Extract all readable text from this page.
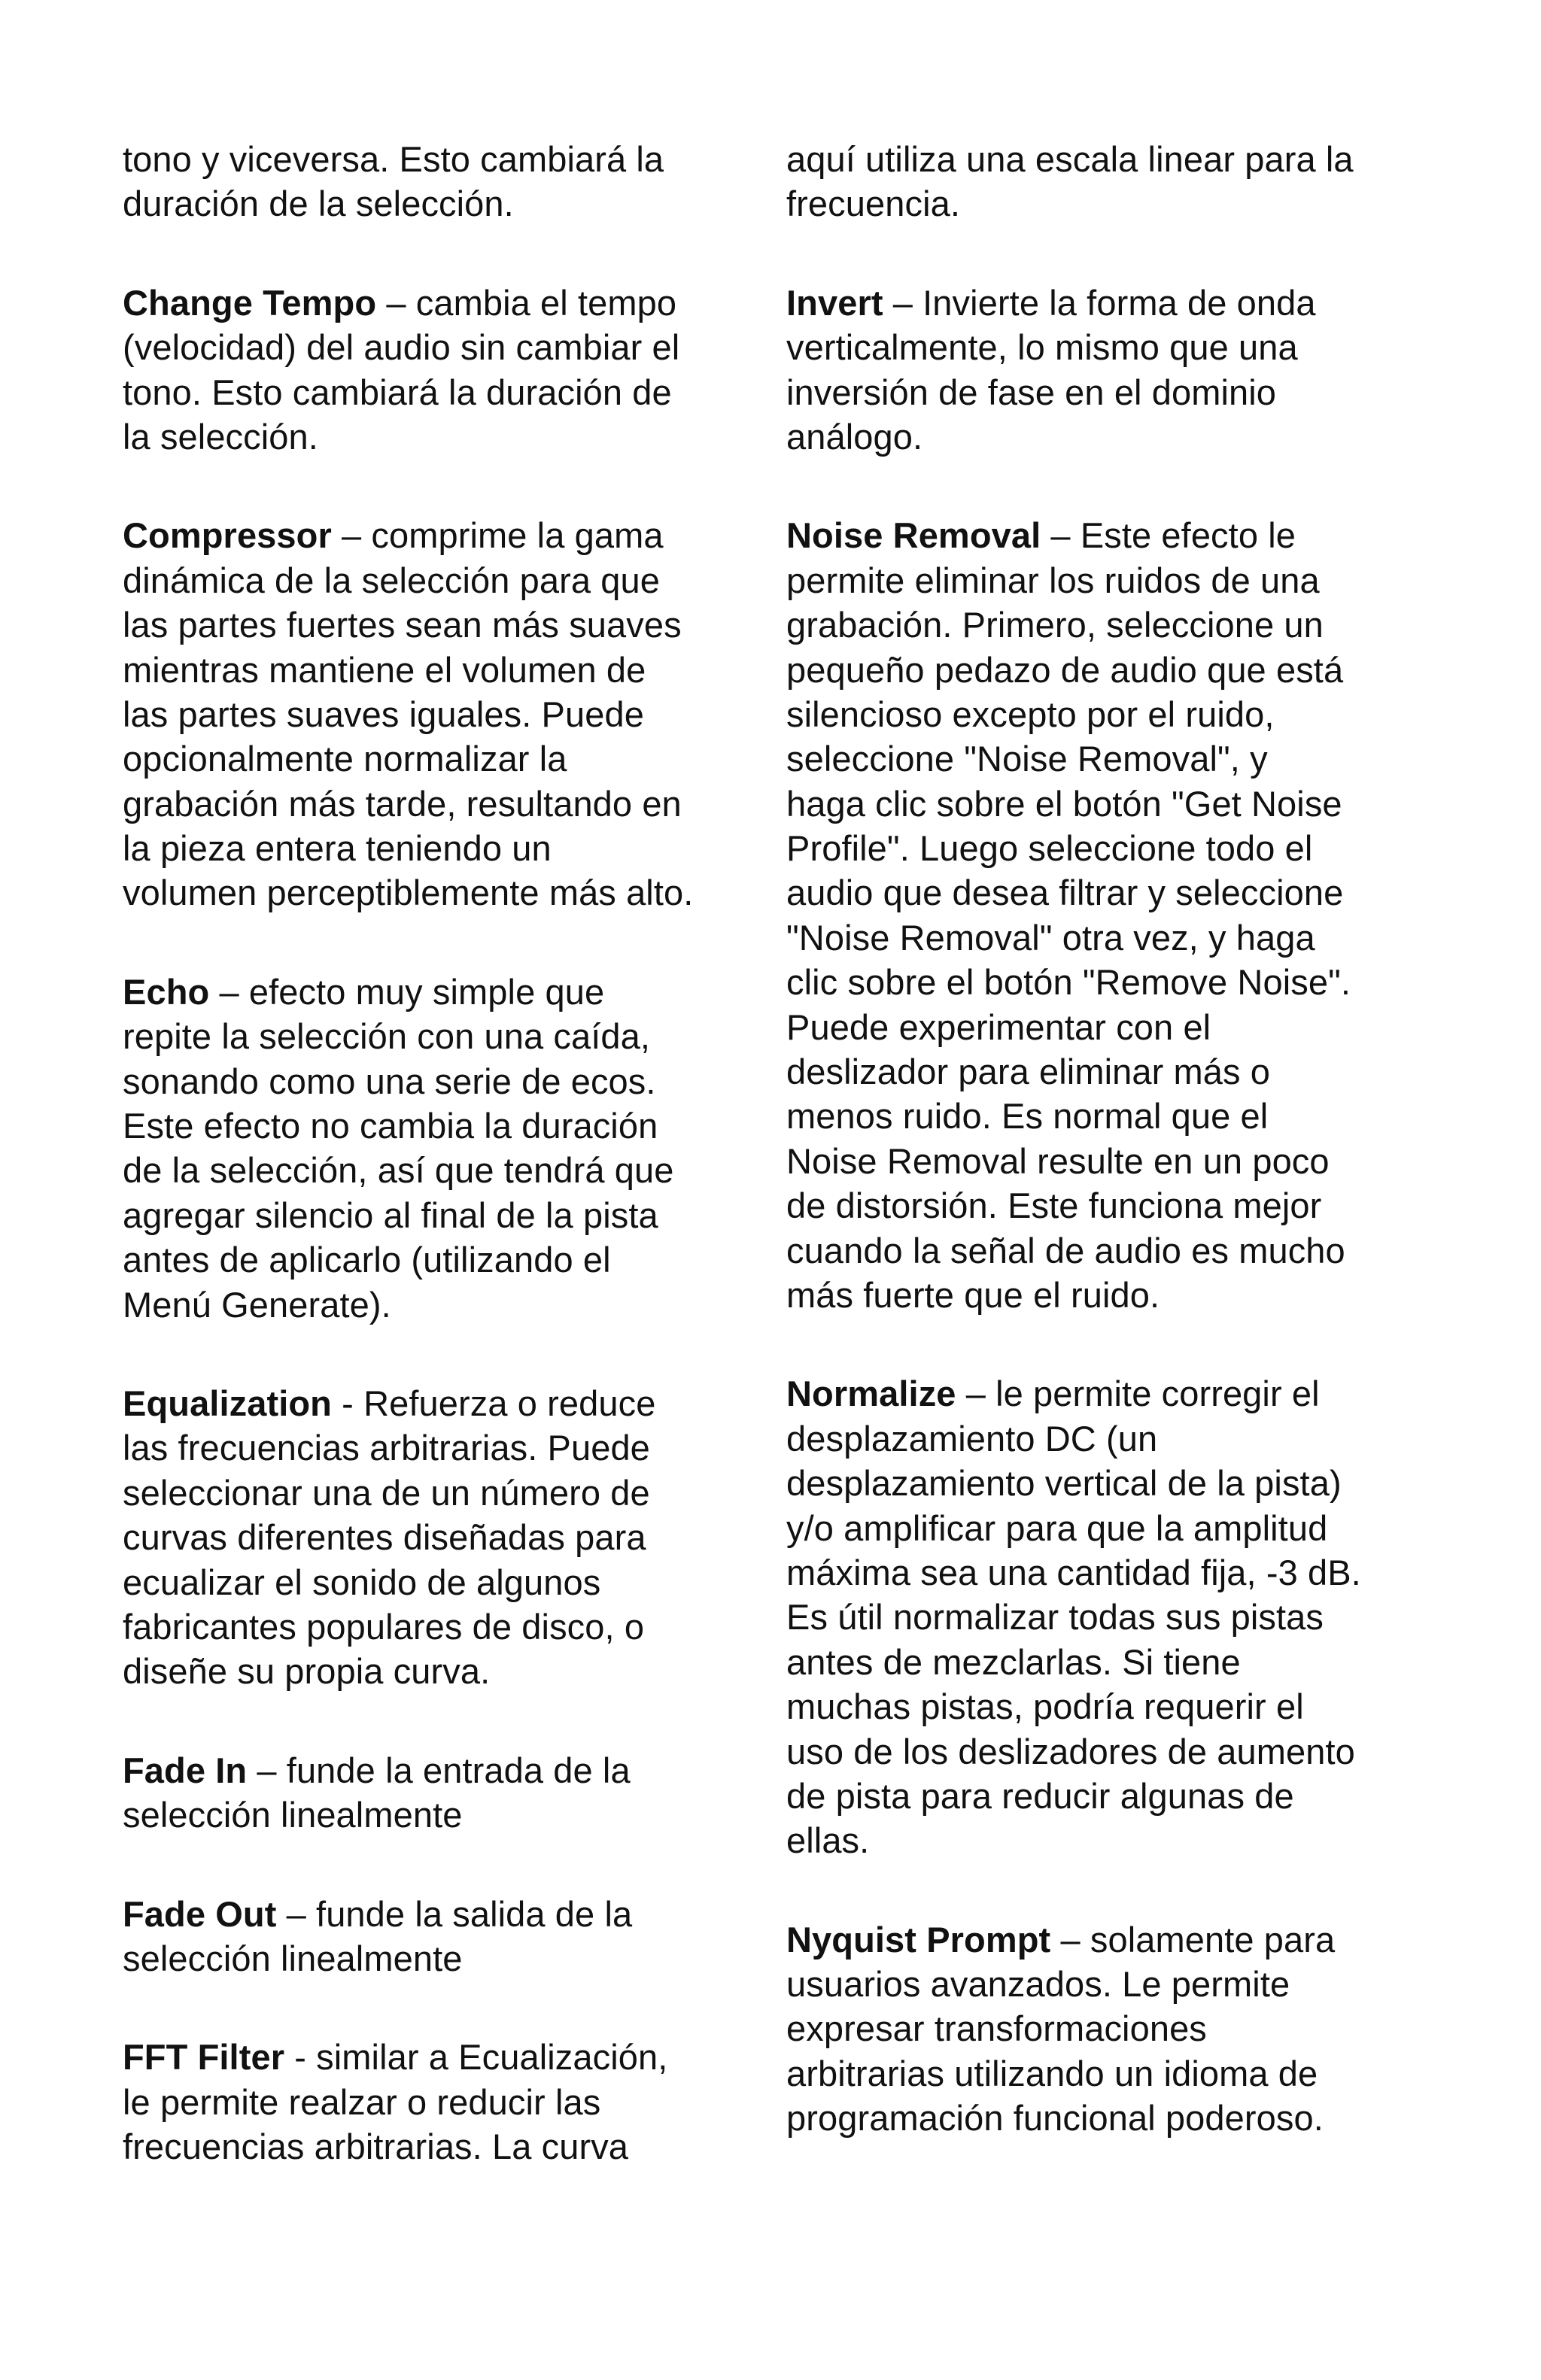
tono y viceversa. Esto cambiará la
duración de la selección.
Change Tempo – cambia el tempo
(velocidad) del audio sin cambiar el
tono. Esto cambiará la duración de
la selección.
Compressor – comprime la gama
dinámica de la selección para que
las partes fuertes sean más suaves
mientras mantiene el volumen de
las partes suaves iguales. Puede
opcionalmente normalizar la
grabación más tarde, resultando en
la pieza entera teniendo un
volumen perceptiblemente más alto.
Echo – efecto muy simple que
repite la selección con una caída,
sonando como una serie de ecos.
Este efecto no cambia la duración
de la selección, así que tendrá que
agregar silencio al final de la pista
antes de aplicarlo (utilizando el
Menú Generate).
Equalization - Refuerza o reduce
las frecuencias arbitrarias. Puede
seleccionar una de un número de
curvas diferentes diseñadas para
ecualizar el sonido de algunos
fabricantes populares de disco, o
diseñe su propia curva.
Fade In – funde la entrada de la
selección linealmente
Fade Out – funde la salida de la
selección linealmente
FFT Filter - similar a Ecualización,
le permite realzar o reducir las
frecuencias arbitrarias. La curva
aquí utiliza una escala linear para la
frecuencia.
Invert – Invierte la forma de onda
verticalmente, lo mismo que una
inversión de fase en el dominio
análogo.
Noise Removal – Este efecto le
permite eliminar los ruidos de una
grabación. Primero, seleccione un
pequeño pedazo de audio que está
silencioso excepto por el ruido,
seleccione "Noise Removal", y
haga clic sobre el botón "Get Noise
Profile". Luego seleccione todo el
audio que desea filtrar y seleccione
"Noise Removal" otra vez, y haga
clic sobre el botón "Remove Noise".
Puede experimentar con el
deslizador para eliminar más o
menos ruido. Es normal que el
Noise Removal resulte en un poco
de distorsión. Este funciona mejor
cuando la señal de audio es mucho
más fuerte que el ruido.
Normalize – le permite corregir el
desplazamiento DC (un
desplazamiento vertical de la pista)
y/o amplificar para que la amplitud
máxima sea una cantidad fija, -3 dB.
Es útil normalizar todas sus pistas
antes de mezclarlas. Si tiene
muchas pistas, podría requerir el
uso de los deslizadores de aumento
de pista para reducir algunas de
ellas.
Nyquist Prompt – solamente para
usuarios avanzados. Le permite
expresar transformaciones
arbitrarias utilizando un idioma de
programación funcional poderoso.
